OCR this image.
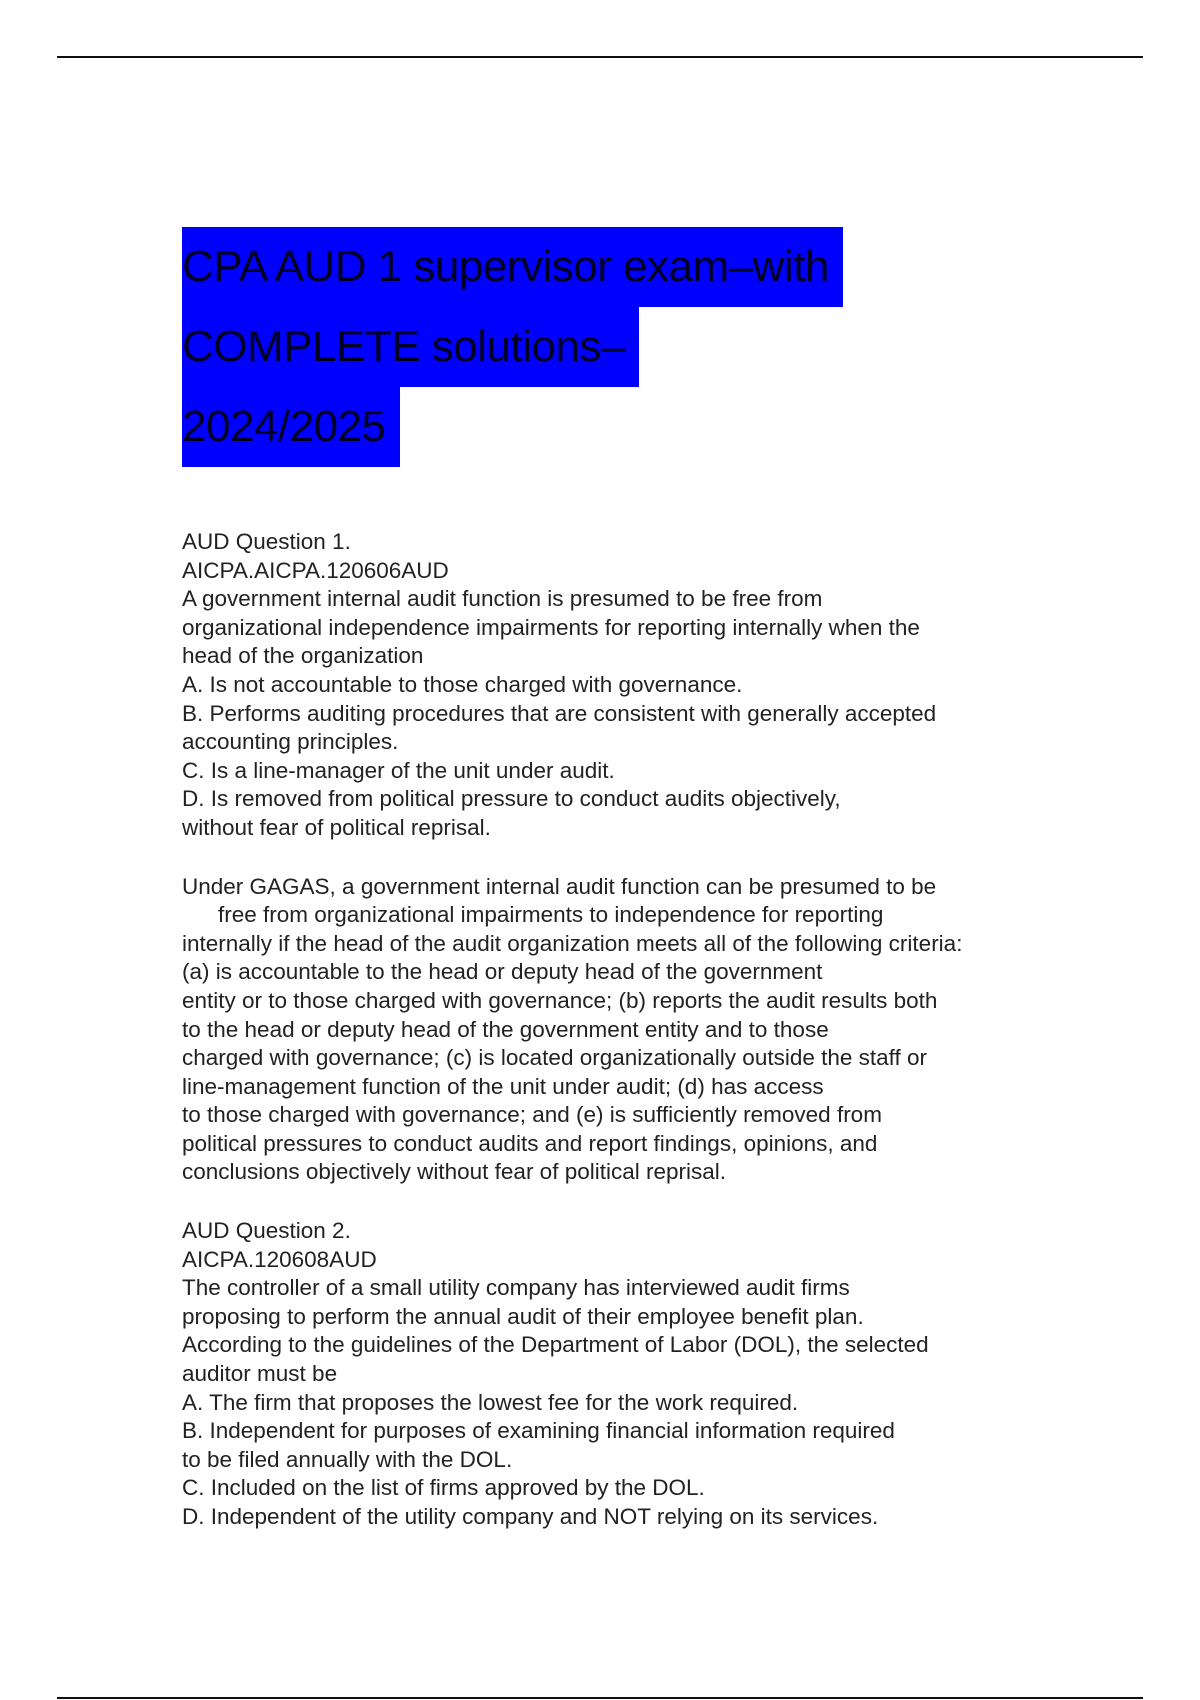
CPA AUD 1 supervisor exam–with
COMPLETE solutions–
2024/2025

AUD Question 1.

AICPA.AICPA.120606AUD

A government internal audit function is presumed to be free from

organizational independence impairments for reporting internally when the

head of the organization

A. Is not accountable to those charged with governance.

B. Performs auditing procedures that are consistent with generally accepted

accounting principles.

C. Is a line-manager of the unit under audit.

D. Is removed from political pressure to conduct audits objectively,

without fear of political reprisal.

Under GAGAS, a government internal audit function can be presumed to be

free from organizational impairments to independence for reporting

internally if the head of the audit organization meets all of the following criteria:

(a) is accountable to the head or deputy head of the government

entity or to those charged with governance; (b) reports the audit results both

to the head or deputy head of the government entity and to those

charged with governance; (c) is located organizationally outside the staff or

line-management function of the unit under audit; (d) has access

to those charged with governance; and (e) is sufficiently removed from

political pressures to conduct audits and report findings, opinions, and

conclusions objectively without fear of political reprisal.

AUD Question 2.

AICPA.120608AUD

The controller of a small utility company has interviewed audit firms

proposing to perform the annual audit of their employee benefit plan.

According to the guidelines of the Department of Labor (DOL), the selected

auditor must be

A. The firm that proposes the lowest fee for the work required.

B. Independent for purposes of examining financial information required

to be filed annually with the DOL.

C. Included on the list of firms approved by the DOL.

D. Independent of the utility company and NOT relying on its services.
